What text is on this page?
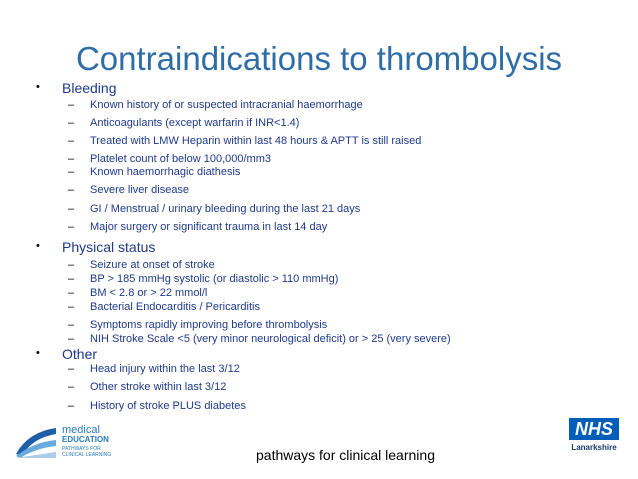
Contraindications to thrombolysis
• Bleeding
– Known history of or suspected intracranial haemorrhage
– Anticoagulants (except warfarin if INR<1.4)
– Treated with LMW Heparin within last 48 hours & APTT is still raised
– Platelet count of below 100,000/mm3
– Known haemorrhagic diathesis
– Severe liver disease
– GI / Menstrual / urinary bleeding during the last 21 days
– Major surgery or significant trauma in last 14 day
• Physical status
– Seizure at onset of stroke
– BP > 185 mmHg systolic (or diastolic > 110 mmHg)
– BM < 2.8 or > 22 mmol/l
– Bacterial Endocarditis / Pericarditis
– Symptoms rapidly improving before thrombolysis
– NIH Stroke Scale <5 (very minor neurological deficit) or > 25 (very severe)
• Other
– Head injury within the last 3/12
– Other stroke within last 3/12
– History of stroke PLUS diabetes
medical
EDUCATION
PATHWAYS FOR
CLINICAL LEARNING	pathways for clinical learning
NHS
Lanarkshire
